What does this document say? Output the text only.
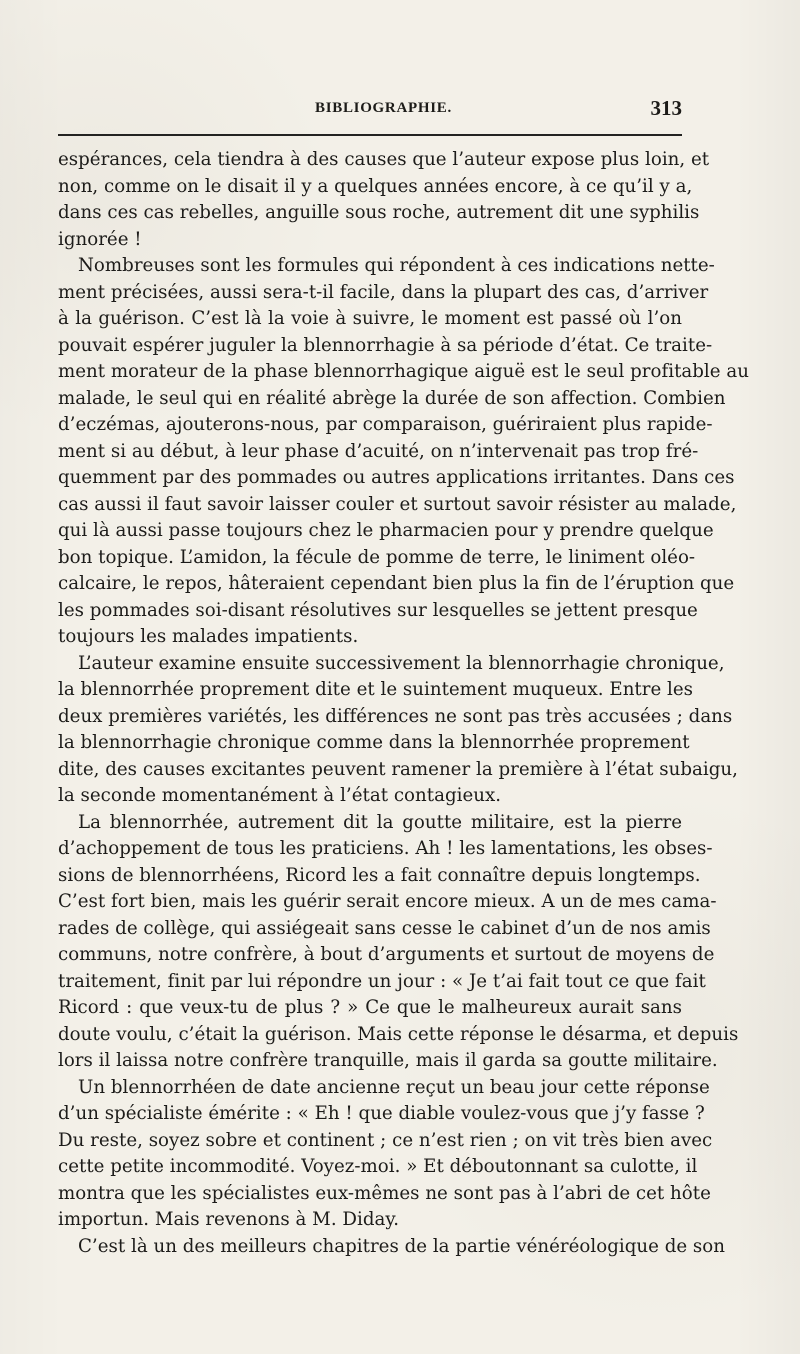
BIBLIOGRAPHIE.	313
espérances, cela tiendra à des causes que l’auteur expose plus loin, et
non, comme on le disait il y a quelques années encore, à ce qu’il y a,
dans ces cas rebelles, anguille sous roche, autrement dit une syphilis
ignorée !
Nombreuses sont les formules qui répondent à ces indications nette-
ment précisées, aussi sera-t-il facile, dans la plupart des cas, d’arriver
à la guérison. C’est là la voie à suivre, le moment est passé où l’on
pouvait espérer juguler la blennorrhagie à sa période d’état. Ce traite-
ment morateur de la phase blennorrhagique aiguë est le seul profitable au
malade, le seul qui en réalité abrège la durée de son affection. Combien
d’eczémas, ajouterons-nous, par comparaison, guériraient plus rapide-
ment si au début, à leur phase d’acuité, on n’intervenait pas trop fré-
quemment par des pommades ou autres applications irritantes. Dans ces
cas aussi il faut savoir laisser couler et surtout savoir résister au malade,
qui là aussi passe toujours chez le pharmacien pour y prendre quelque
bon topique. L’amidon, la fécule de pomme de terre, le liniment oléo-
calcaire, le repos, hâteraient cependant bien plus la fin de l’éruption que
les pommades soi-disant résolutives sur lesquelles se jettent presque
toujours les malades impatients.
L’auteur examine ensuite successivement la blennorrhagie chronique,
la blennorrhée proprement dite et le suintement muqueux. Entre les
deux premières variétés, les différences ne sont pas très accusées ; dans
la blennorrhagie chronique comme dans la blennorrhée proprement
dite, des causes excitantes peuvent ramener la première à l’état subaigu,
la seconde momentanément à l’état contagieux.
La blennorrhée, autrement dit la goutte militaire, est la pierre
d’achoppement de tous les praticiens. Ah ! les lamentations, les obses-
sions de blennorrhéens, Ricord les a fait connaître depuis longtemps.
C’est fort bien, mais les guérir serait encore mieux. A un de mes cama-
rades de collège, qui assiégeait sans cesse le cabinet d’un de nos amis
communs, notre confrère, à bout d’arguments et surtout de moyens de
traitement, finit par lui répondre un jour : « Je t’ai fait tout ce que fait
Ricord : que veux-tu de plus ? » Ce que le malheureux aurait sans
doute voulu, c’était la guérison. Mais cette réponse le désarma, et depuis
lors il laissa notre confrère tranquille, mais il garda sa goutte militaire.
Un blennorrhéen de date ancienne reçut un beau jour cette réponse
d’un spécialiste émérite : « Eh ! que diable voulez-vous que j’y fasse ?
Du reste, soyez sobre et continent ; ce n’est rien ; on vit très bien avec
cette petite incommodité. Voyez-moi. » Et déboutonnant sa culotte, il
montra que les spécialistes eux-mêmes ne sont pas à l’abri de cet hôte
importun. Mais revenons à M. Diday.
C’est là un des meilleurs chapitres de la partie vénéréologique de son
